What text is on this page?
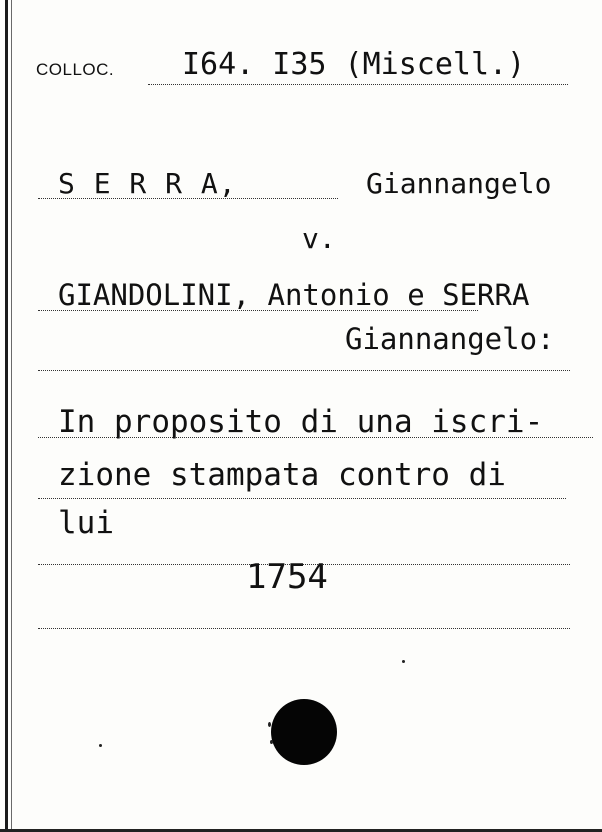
COLLOC. I64. I35 (Miscell.)
S E R R A,	Giannangelo
v.
GIANDOLINI, Antonio e SERRA
Giannangelo:
In proposito di una iscri-
zione stampata contro di
lui
1754
